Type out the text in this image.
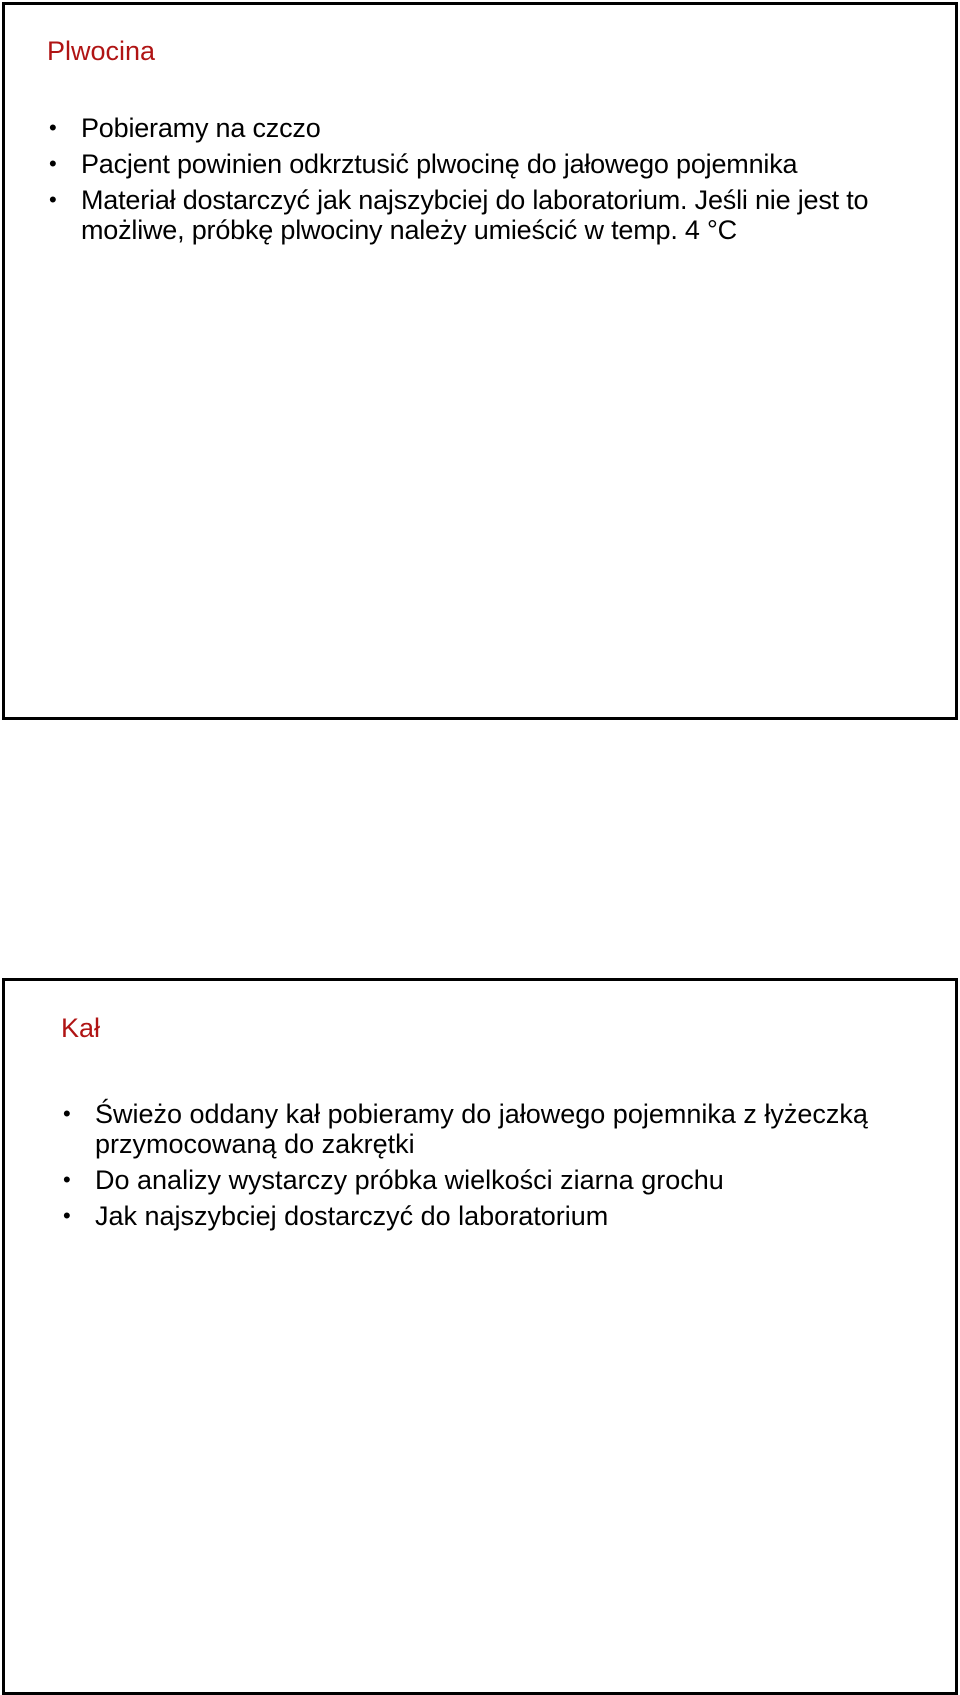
Plwocina
• Pobieramy na czczo
• Pacjent powinien odkrztusić plwocinę do jałowego pojemnika
• Materiał dostarczyć jak najszybciej do laboratorium. Jeśli nie jest to możliwe, próbkę plwociny należy umieścić w temp. 4 °C
Kał
• Świeżo oddany kał pobieramy do jałowego pojemnika z łyżeczką przymocowaną do zakrętki
• Do analizy wystarczy próbka wielkości ziarna grochu
• Jak najszybciej dostarczyć do laboratorium
